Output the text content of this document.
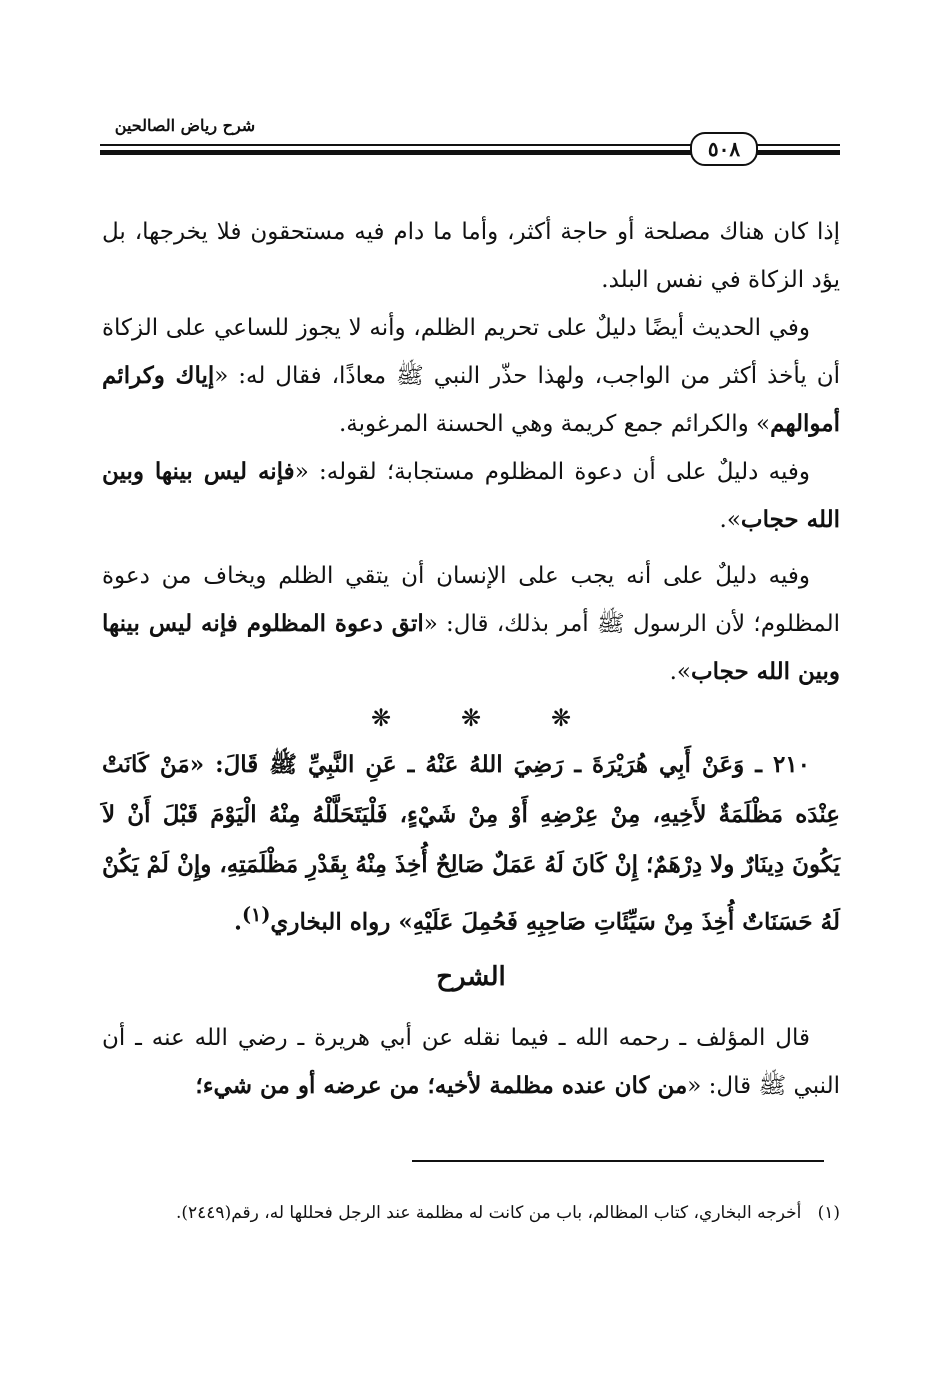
شرح رياض الصالحين
٥٠٨

إذا كان هناك مصلحة أو حاجة أكثر، وأما ما دام فيه مستحقون فلا يخرجها، بل يؤد الزكاة في نفس البلد.

وفي الحديث أيضًا دليلٌ على تحريم الظلم، وأنه لا يجوز للساعي على الزكاة أن يأخذ أكثر من الواجب، ولهذا حذّر النبي ﷺ معاذًا، فقال له: «إياك وكرائم أموالهم» والكرائم جمع كريمة وهي الحسنة المرغوبة.

وفيه دليلٌ على أن دعوة المظلوم مستجابة؛ لقوله: «فإنه ليس بينها وبين الله حجاب».

وفيه دليلٌ على أنه يجب على الإنسان أن يتقي الظلم ويخاف من دعوة المظلوم؛ لأن الرسول ﷺ أمر بذلك، قال: «اتق دعوة المظلوم فإنه ليس بينها وبين الله حجاب».

❋	❋	❋

٢١٠ ـ وَعَنْ أَبِي هُرَيْرَةَ ـ رَضِيَ اللهُ عَنْهُ ـ عَنِ النَّبِيِّ ﷺ قَالَ: «مَنْ كَانَتْ عِنْدَه مَظْلَمَةٌ لأَخِيهِ، مِنْ عِرْضِهِ أَوْ مِنْ شَيْءٍ، فَلْيَتَحَلَّلْهُ مِنْهُ الْيَوْمَ قَبْلَ أَنْ لاَ يَكُونَ دِينَارٌ ولا دِرْهَمٌ؛ إِنْ كَانَ لَهُ عَمَلٌ صَالِحٌ أُخِذَ مِنْهُ بِقَدْرِ مَظْلَمَتِهِ، وإِنْ لَمْ يَكُنْ لَهُ حَسَنَاتٌ أُخِذَ مِنْ سَيِّئَاتِ صَاحِبِهِ فَحُمِلَ عَلَيْهِ» رواه البخاري$^{(١)}$.

الشرح

قال المؤلف ـ رحمه الله ـ فيما نقله عن أبي هريرة ـ رضي الله عنه ـ أن النبي ﷺ قال: «من كان عنده مظلمة لأخيه؛ من عرضه أو من شيء؛

(١)   أخرجه البخاري، كتاب المظالم، باب من كانت له مظلمة عند الرجل فحللها له، رقم(٢٤٤٩).
